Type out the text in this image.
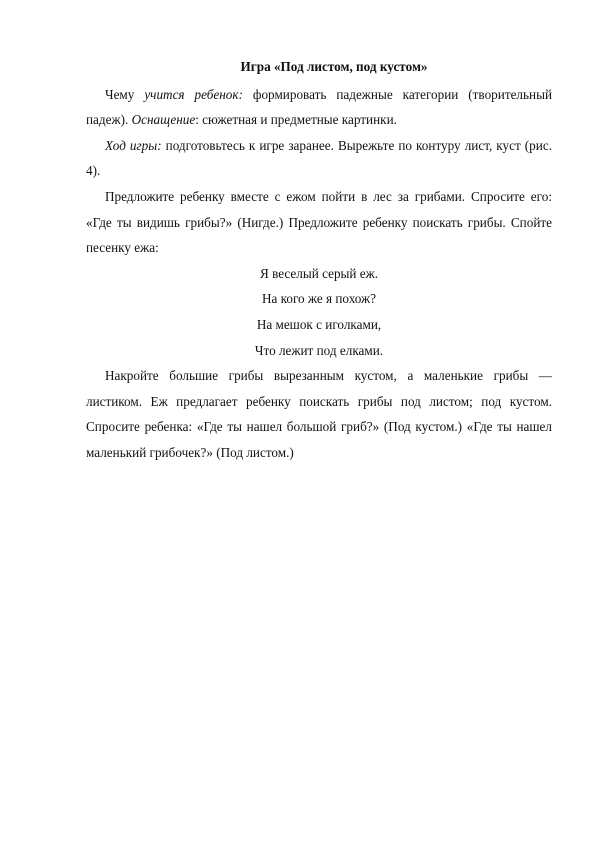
Игра «Под листом, под кустом»

Чему учится ребенок: формировать падежные категории (творительный падеж). Оснащение: сюжетная и предметные картинки.

Ход игры: подготовьтесь к игре заранее. Вырежьте по контуру лист, куст (рис. 4).

Предложите ребенку вместе с ежом пойти в лес за грибами. Спросите его: «Где ты видишь грибы?» (Нигде.) Предложите ребенку поискать грибы. Спойте песенку ежа:

Я веселый серый еж.
На кого же я похож?
На мешок с иголками,
Что лежит под елками.

Накройте большие грибы вырезанным кустом, а маленькие грибы — листиком. Еж предлагает ребенку поискать грибы под листом; под кустом. Спросите ребенка: «Где ты нашел большой гриб?» (Под кустом.) «Где ты нашел маленький грибочек?» (Под листом.)
